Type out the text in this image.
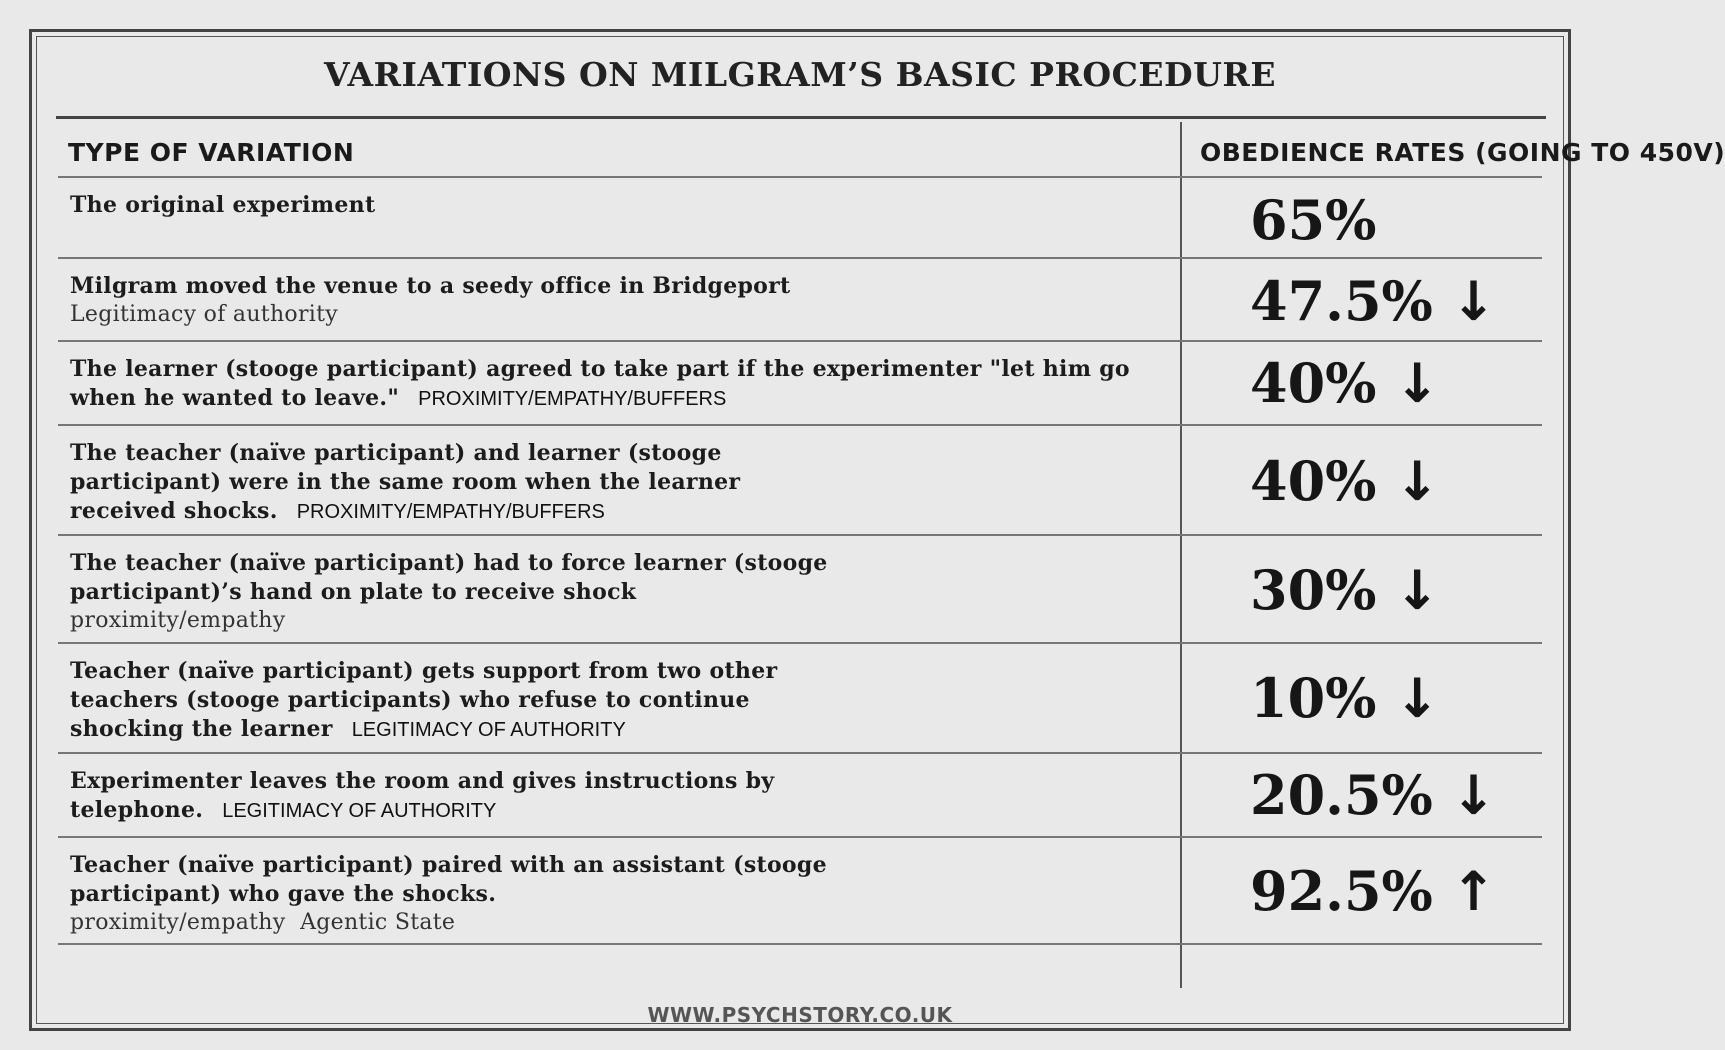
VARIATIONS ON MILGRAM’S BASIC PROCEDURE
TYPE OF VARIATION	OBEDIENCE RATES (GOING TO 450V)
The original experiment	65%
Milgram moved the venue to a seedy office in Bridgeport
Legitimacy of authority	47.5% ↓
The learner (stooge participant) agreed to take part if the experimenter "let him go when he wanted to leave." PROXIMITY/EMPATHY/BUFFERS	40% ↓
The teacher (naïve participant) and learner (stooge participant) were in the same room when the learner received shocks. PROXIMITY/EMPATHY/BUFFERS	40% ↓
The teacher (naïve participant) had to force learner (stooge participant)’s hand on plate to receive shock
proximity/empathy	30% ↓
Teacher (naïve participant) gets support from two other teachers (stooge participants) who refuse to continue shocking the learner LEGITIMACY OF AUTHORITY	10% ↓
Experimenter leaves the room and gives instructions by telephone. LEGITIMACY OF AUTHORITY	20.5% ↓
Teacher (naïve participant) paired with an assistant (stooge participant) who gave the shocks.
proximity/empathy  Agentic State	92.5% ↑
WWW.PSYCHSTORY.CO.UK
